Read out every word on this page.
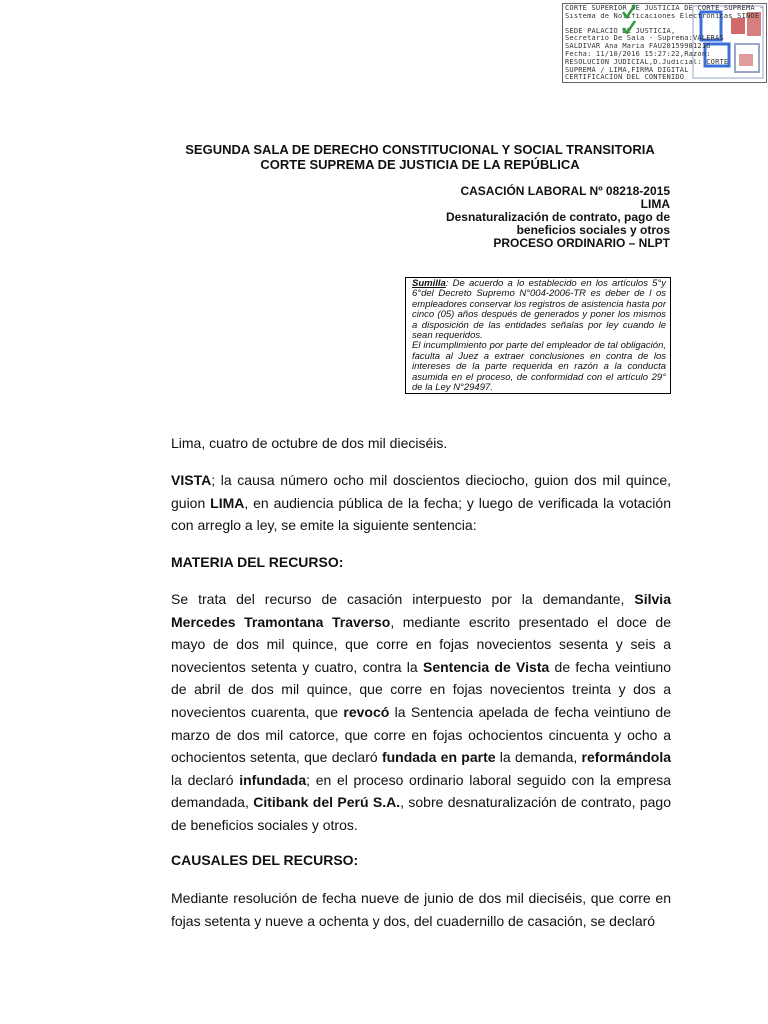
CORTE SUPERIOR DE JUSTICIA DE CORTE SUPREMA -
Sistema de Notificaciones Electronicas SINOE
SEDE PALACIO DE JUSTICIA,
Secretario De Sala - Suprema:VALERAS
SALDIVAR Ana Maria FAU20159981216
Fecha: 11/10/2016 15:27:22,Razón:
RESOLUCIÓN JUDICIAL,D.Judicial: CORTE
SUPREMA / LIMA,FIRMA DIGITAL
CERTIFICACIÓN DEL CONTENIDO
SEGUNDA SALA DE DERECHO CONSTITUCIONAL Y SOCIAL TRANSITORIA
CORTE SUPREMA DE JUSTICIA DE LA REPÚBLICA
CASACIÓN LABORAL Nº 08218-2015
LIMA
Desnaturalización de contrato, pago de
beneficios sociales y otros
PROCESO ORDINARIO – NLPT

Sumilla: De acuerdo a lo establecido en los artículos 5°y 6°del Decreto Supremo N°004-2006-TR es deber de l os empleadores conservar los registros de asistencia hasta por cinco (05) años después de generados y poner los mismos a disposición de las entidades señalas por ley cuando le sean requeridos.

El incumplimiento por parte del empleador de tal obligación, faculta al Juez a extraer conclusiones en contra de los intereses de la parte requerida en razón a la conducta asumida en el proceso, de conformidad con el artículo 29° de la Ley N°29497.

Lima, cuatro de octubre de dos mil dieciséis.
VISTA; la causa número ocho mil doscientos dieciocho, guion dos mil quince, guion LIMA, en audiencia pública de la fecha; y luego de verificada la votación con arreglo a ley, se emite la siguiente sentencia:
MATERIA DEL RECURSO:
Se trata del recurso de casación interpuesto por la demandante, Silvia Mercedes Tramontana Traverso, mediante escrito presentado el doce de mayo de dos mil quince, que corre en fojas novecientos sesenta y seis a novecientos setenta y cuatro, contra la Sentencia de Vista de fecha veintiuno de abril de dos mil quince, que corre en fojas novecientos treinta y dos a novecientos cuarenta, que revocó la Sentencia apelada de fecha veintiuno de marzo de dos mil catorce, que corre en fojas ochocientos cincuenta y ocho a ochocientos setenta, que declaró fundada en parte la demanda, reformándola la declaró infundada; en el proceso ordinario laboral seguido con la empresa demandada, Citibank del Perú S.A., sobre desnaturalización de contrato, pago de beneficios sociales y otros.
CAUSALES DEL RECURSO:
Mediante resolución de fecha nueve de junio de dos mil dieciséis, que corre en fojas setenta y nueve a ochenta y dos, del cuadernillo de casación, se declaró
